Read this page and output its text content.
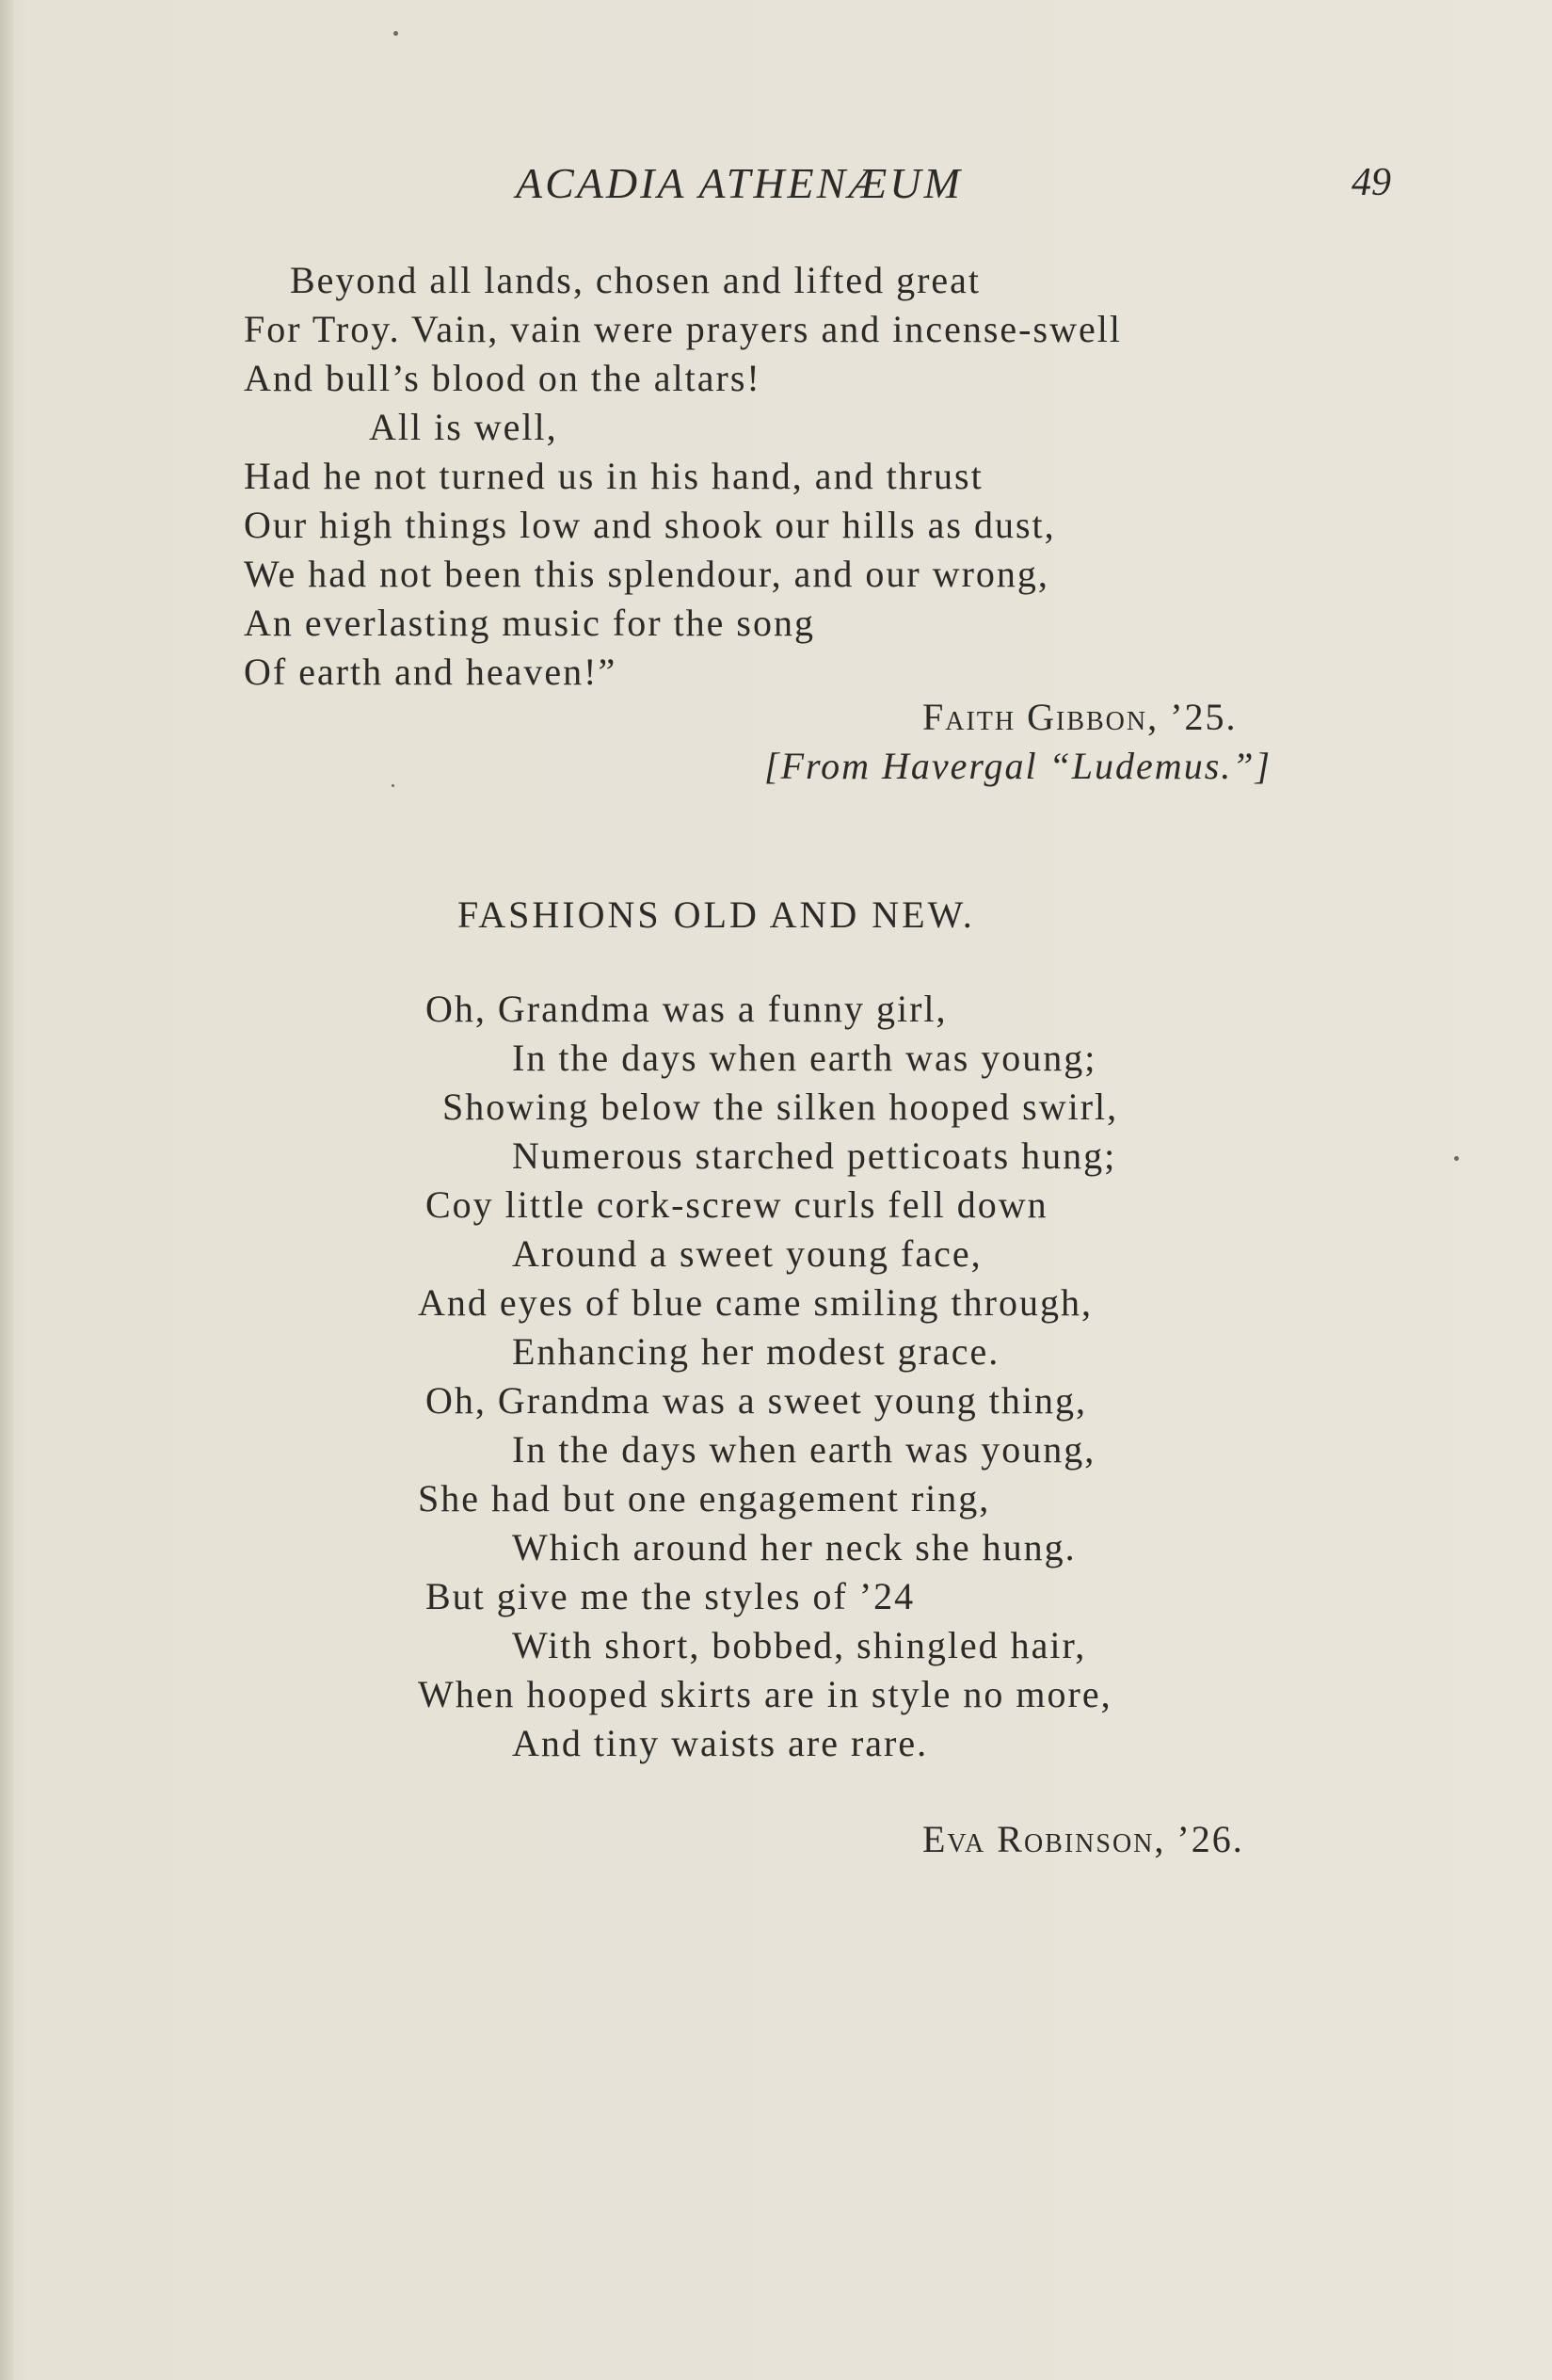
ACADIA ATHENÆUM	49
Beyond all lands, chosen and lifted great
For Troy. Vain, vain were prayers and incense-swell
And bull’s blood on the altars!
All is well,
Had he not turned us in his hand, and thrust
Our high things low and shook our hills as dust,
We had not been this splendour, and our wrong,
An everlasting music for the song
Of earth and heaven!”
Faith Gibbon, ’25.
[From Havergal “Ludemus.”]
FASHIONS OLD AND NEW.
Oh, Grandma was a funny girl,
In the days when earth was young;
Showing below the silken hooped swirl,
Numerous starched petticoats hung;
Coy little cork-screw curls fell down
Around a sweet young face,
And eyes of blue came smiling through,
Enhancing her modest grace.
Oh, Grandma was a sweet young thing,
In the days when earth was young,
She had but one engagement ring,
Which around her neck she hung.
But give me the styles of ’24
With short, bobbed, shingled hair,
When hooped skirts are in style no more,
And tiny waists are rare.
Eva Robinson, ’26.
